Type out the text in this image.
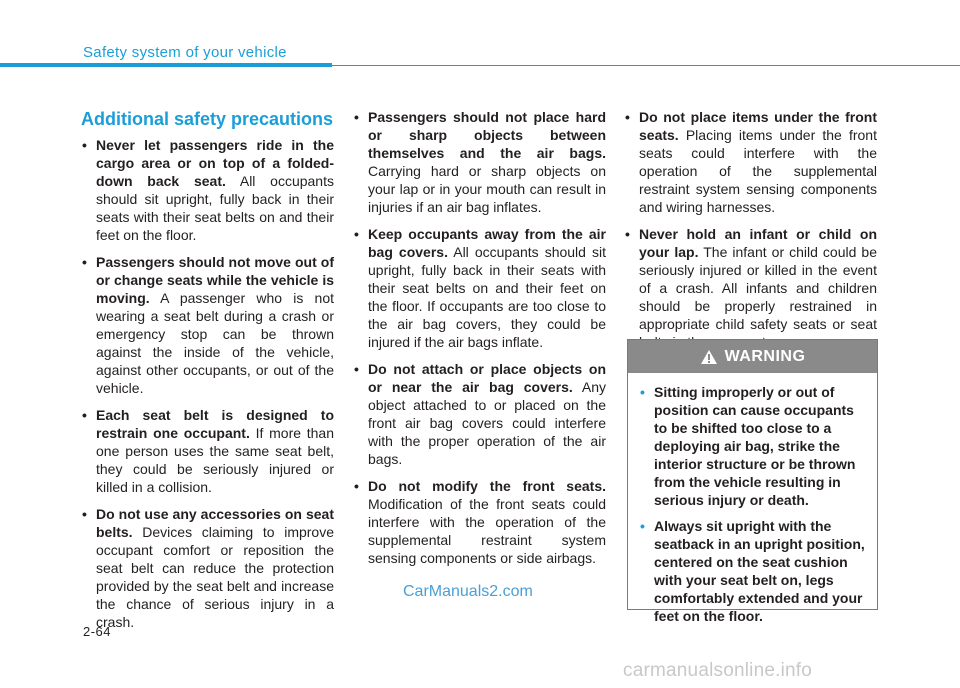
Safety system of your vehicle
Additional safety precautions
• Never let passengers ride in the cargo area or on top of a folded-down back seat. All occupants should sit upright, fully back in their seats with their seat belts on and their feet on the floor.
• Passengers should not move out of or change seats while the vehicle is moving. A passenger who is not wearing a seat belt during a crash or emergency stop can be thrown against the inside of the vehicle, against other occupants, or out of the vehicle.
• Each seat belt is designed to restrain one occupant. If more than one person uses the same seat belt, they could be seriously injured or killed in a collision.
• Do not use any accessories on seat belts. Devices claiming to improve occupant comfort or reposition the seat belt can reduce the protection provided by the seat belt and increase the chance of serious injury in a crash.
• Passengers should not place hard or sharp objects between themselves and the air bags. Carrying hard or sharp objects on your lap or in your mouth can result in injuries if an air bag inflates.
• Keep occupants away from the air bag covers. All occupants should sit upright, fully back in their seats with their seat belts on and their feet on the floor. If occupants are too close to the air bag covers, they could be injured if the air bags inflate.
• Do not attach or place objects on or near the air bag covers. Any object attached to or placed on the front air bag covers could interfere with the proper operation of the air bags.
• Do not modify the front seats. Modification of the front seats could interfere with the operation of the supplemental restraint system sensing components or side airbags.
• Do not place items under the front seats. Placing items under the front seats could interfere with the operation of the supplemental restraint system sensing components and wiring harnesses.
• Never hold an infant or child on your lap. The infant or child could be seriously injured or killed in the event of a crash. All infants and children should be properly restrained in appropriate child safety seats or seat
WARNING
• Sitting improperly or out of position can cause occupants to be shifted too close to a deploying air bag, strike the interior structure or be thrown from the vehicle resulting in serious injury or death.
• Always sit upright with the seatback in an upright position, centered on the seat cushion with your seat belt on, legs comfortably extended and your feet on the floor.
CarManuals2.com
2-64
carmanualsonline.info
